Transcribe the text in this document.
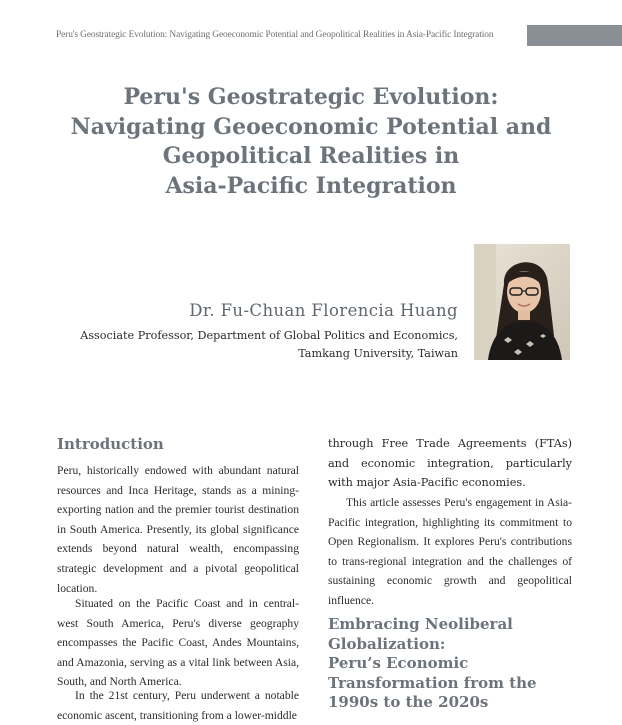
Peru's Geostrategic Evolution: Navigating Geoeconomic Potential and Geopolitical Realities in Asia-Pacific Integration
Peru's Geostrategic Evolution:
Navigating Geoeconomic Potential and
Geopolitical Realities in
Asia-Pacific Integration
Dr. Fu-Chuan Florencia Huang
Associate Professor, Department of Global Politics and Economics,
Tamkang University, Taiwan
Introduction

Peru, historically endowed with abundant natural resources and Inca Heritage, stands as a mining-exporting nation and the premier tourist destination in South America. Presently, its global significance extends beyond natural wealth, encompassing strategic development and a pivotal geopolitical location.

Situated on the Pacific Coast and in central-west South America, Peru's diverse geography encompasses the Pacific Coast, Andes Mountains, and Amazonia, serving as a vital link between Asia, South, and North America.

In the 21st century, Peru underwent a notable economic ascent, transitioning from a lower-middle

through Free Trade Agreements (FTAs) and economic integration, particularly with major Asia-Pacific economies.

This article assesses Peru's engagement in Asia-Pacific integration, highlighting its commitment to Open Regionalism. It explores Peru's contributions to trans-regional integration and the challenges of sustaining economic growth and geopolitical influence.

Embracing Neoliberal
Globalization:
Peru’s Economic
Transformation from the
1990s to the 2020s
